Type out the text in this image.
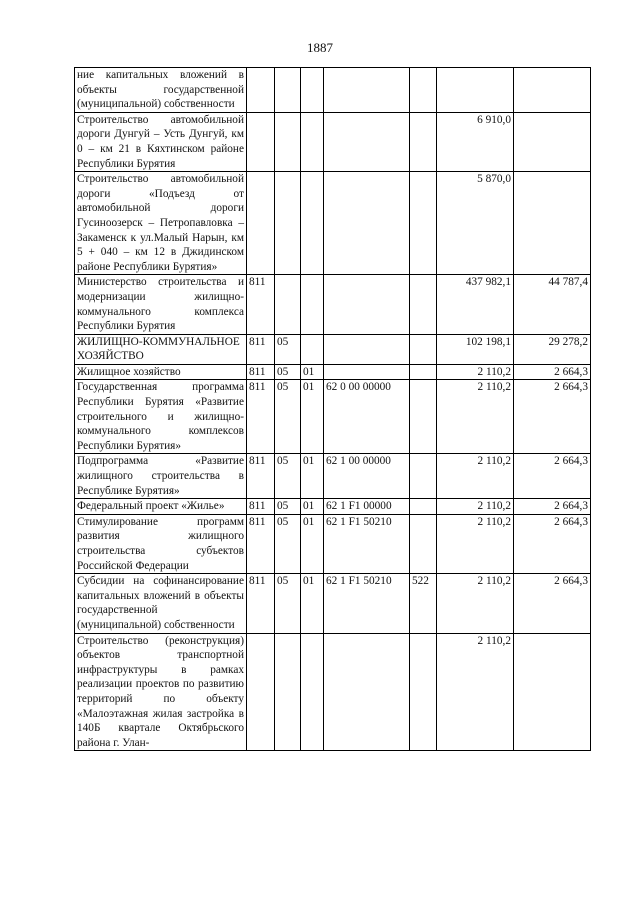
1887
ние капитальных вложений в объекты государственной (муниципальной) собственности							
Строительство автомобильной дороги Дунгуй – Усть Дунгуй, км 0 – км 21 в Кяхтинском районе Республики Бурятия						6 910,0	
Строительство автомобильной дороги «Подъезд от автомобильной дороги Гусиноозерск – Петропавловка – Закаменск к ул.Малый Нарын, км 5 + 040 – км 12 в Джидинском районе Республики Бурятия»						5 870,0	
Министерство строительства и модернизации жилищно-коммунального комплекса Республики Бурятия	811					437 982,1	44 787,4
ЖИЛИЩНО-КОММУНАЛЬНОЕ ХОЗЯЙСТВО	811	05				102 198,1	29 278,2
Жилищное хозяйство	811	05	01			2 110,2	2 664,3
Государственная программа Республики Бурятия «Развитие строительного и жилищно-коммунального комплексов Республики Бурятия»	811	05	01	62 0 00 00000		2 110,2	2 664,3
Подпрограмма «Развитие жилищного строительства в Республике Бурятия»	811	05	01	62 1 00 00000		2 110,2	2 664,3
Федеральный проект «Жилье»	811	05	01	62 1 F1 00000		2 110,2	2 664,3
Стимулирование программ развития жилищного строительства субъектов Российской Федерации	811	05	01	62 1 F1 50210		2 110,2	2 664,3
Субсидии на софинансирование капитальных вложений в объекты государственной (муниципальной) собственности	811	05	01	62 1 F1 50210	522	2 110,2	2 664,3
Строительство (реконструкция) объектов транспортной инфраструктуры в рамках реализации проектов по развитию территорий по объекту «Малоэтажная жилая застройка в 140Б квартале Октябрьского района г. Улан-						2 110,2	
